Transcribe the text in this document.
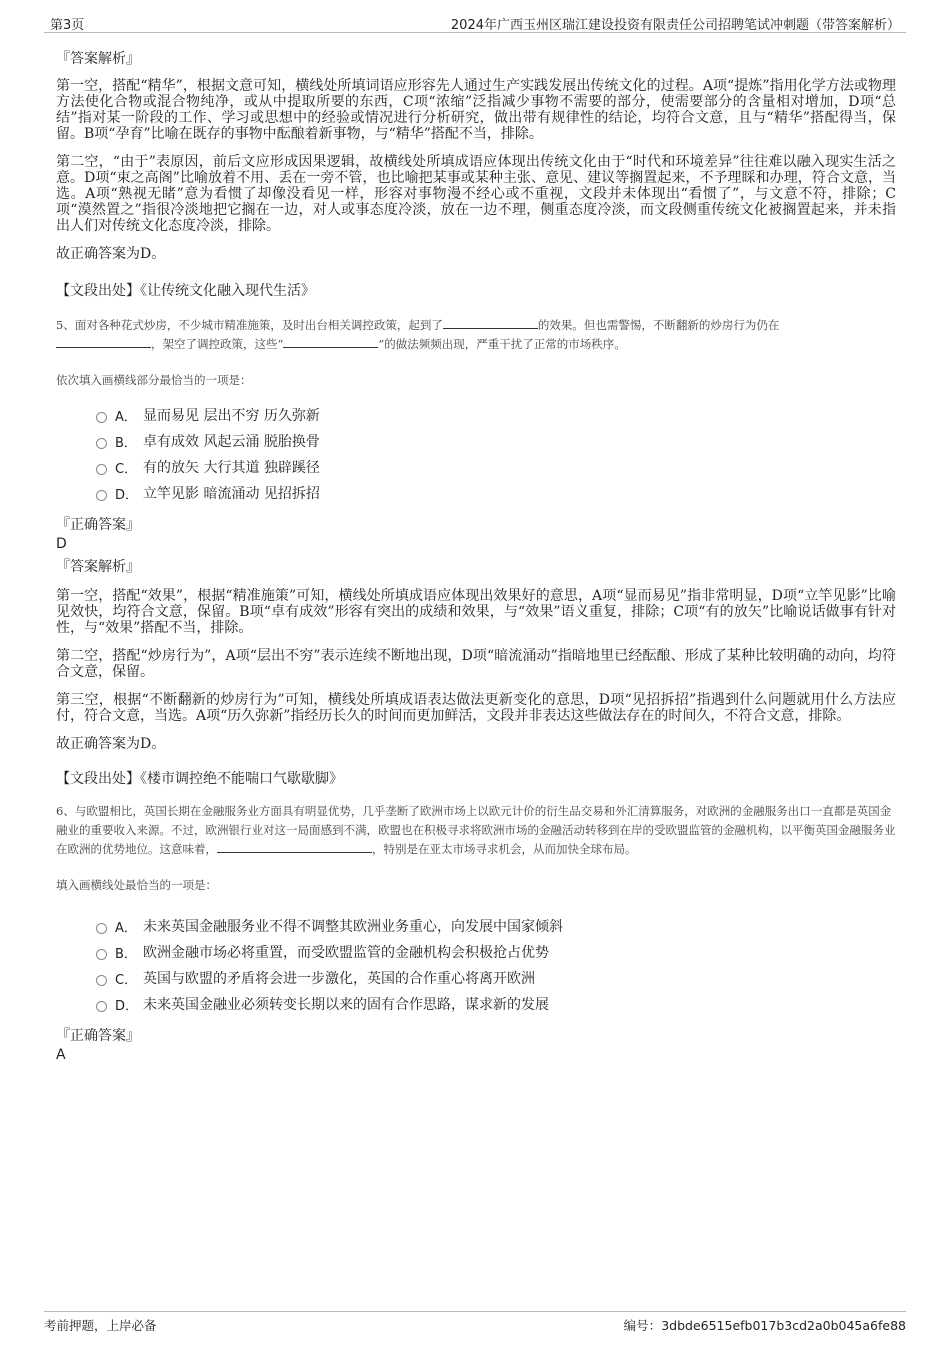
第3页	2024年广西玉州区瑞江建设投资有限责任公司招聘笔试冲刺题（带答案解析）
『答案解析』

第一空，搭配“精华”，根据文意可知，横线处所填词语应形容先人通过生产实践发展出传统文化的过程。A项“提炼”指用化学方法或物理方法使化合物或混合物纯净，或从中提取所要的东西，C项“浓缩”泛指减少事物不需要的部分，使需要部分的含量相对增加，D项“总结”指对某一阶段的工作、学习或思想中的经验或情况进行分析研究，做出带有规律性的结论，均符合文意，且与“精华”搭配得当，保留。B项“孕育”比喻在既存的事物中酝酿着新事物，与“精华”搭配不当，排除。

第二空，“由于”表原因，前后文应形成因果逻辑，故横线处所填成语应体现出传统文化由于“时代和环境差异”往往难以融入现实生活之意。D项“束之高阁”比喻放着不用、丢在一旁不管，也比喻把某事或某种主张、意见、建议等搁置起来，不予理睬和办理，符合文意，当选。A项“熟视无睹”意为看惯了却像没看见一样，形容对事物漫不经心或不重视，文段并未体现出“看惯了”，与文意不符，排除；C项“漠然置之”指很冷淡地把它搁在一边，对人或事态度冷淡，放在一边不理，侧重态度冷淡，而文段侧重传统文化被搁置起来，并未指出人们对传统文化态度冷淡，排除。

故正确答案为D。

【文段出处】《让传统文化融入现代生活》
5、面对各种花式炒房，不少城市精准施策，及时出台相关调控政策，起到了	的效果。但也需警惕，不断翻新的炒房行为仍在
，架空了调控政策，这些“	”的做法频频出现，严重干扰了正常的市场秩序。
依次填入画横线部分最恰当的一项是：
A． 显而易见 层出不穷 历久弥新
B． 卓有成效 风起云涌 脱胎换骨
C． 有的放矢 大行其道 独辟蹊径
D． 立竿见影 暗流涌动 见招拆招
『正确答案』
D
『答案解析』

第一空，搭配“效果”，根据“精准施策”可知，横线处所填成语应体现出效果好的意思，A项“显而易见”指非常明显，D项“立竿见影”比喻见效快，均符合文意，保留。B项“卓有成效”形容有突出的成绩和效果，与“效果”语义重复，排除；C项“有的放矢”比喻说话做事有针对性，与“效果”搭配不当，排除。

第二空，搭配“炒房行为”，A项“层出不穷”表示连续不断地出现，D项“暗流涌动”指暗地里已经酝酿、形成了某种比较明确的动向，均符合文意，保留。

第三空，根据“不断翻新的炒房行为”可知，横线处所填成语表达做法更新变化的意思，D项“见招拆招”指遇到什么问题就用什么方法应付，符合文意，当选。A项“历久弥新”指经历长久的时间而更加鲜活，文段并非表达这些做法存在的时间久，不符合文意，排除。

故正确答案为D。

【文段出处】《楼市调控绝不能喘口气歇歇脚》
6、与欧盟相比，英国长期在金融服务业方面具有明显优势，几乎垄断了欧洲市场上以欧元计价的衍生品交易和外汇清算服务，对欧洲的金融服务出口一直都是英国金融业的重要收入来源。不过，欧洲银行业对这一局面感到不满，欧盟也在积极寻求将欧洲市场的金融活动转移到在岸的受欧盟监管的金融机构，以平衡英国金融服务业在欧洲的优势地位。这意味着，	，特别是在亚太市场寻求机会，从而加快全球布局。
填入画横线处最恰当的一项是：
A． 未来英国金融服务业不得不调整其欧洲业务重心，向发展中国家倾斜
B． 欧洲金融市场必将重置，而受欧盟监管的金融机构会积极抢占优势
C． 英国与欧盟的矛盾将会进一步激化，英国的合作重心将离开欧洲
D． 未来英国金融业必须转变长期以来的固有合作思路，谋求新的发展
『正确答案』
A
考前押题，上岸必备	编号：3dbde6515efb017b3cd2a0b045a6fe88
